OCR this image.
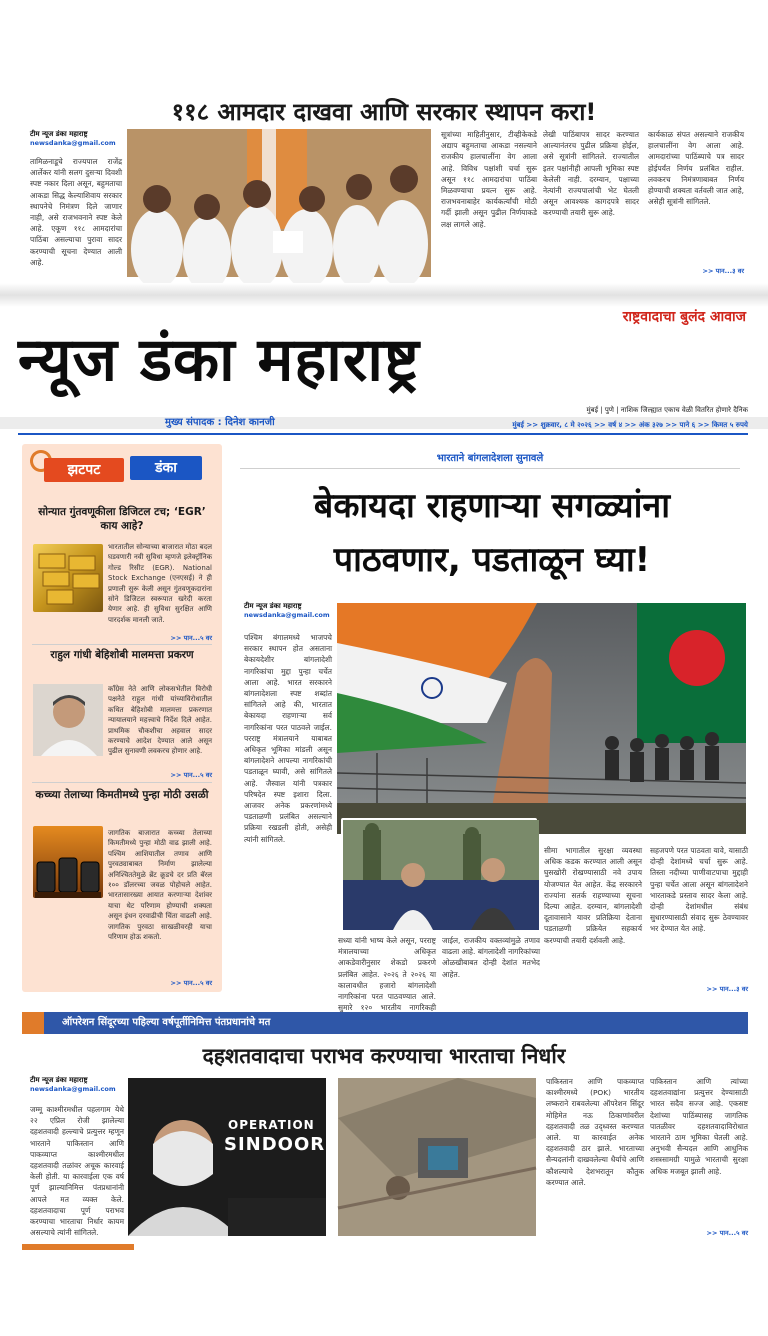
११८ आमदार दाखवा आणि सरकार स्थापन करा!
टीम न्यूज डंका महाराष्ट्र
newsdanka@gmail.com
तामिळनाडूचे राज्यपाल राजेंद्र आर्लेकर यांनी सलग दुसऱ्या दिवशी स्पष्ट नकार दिला असून, बहुमताचा आकडा सिद्ध केल्याशिवाय सरकार स्थापनेचे निमंत्रण दिले जाणार नाही, असे राजभवनाने स्पष्ट केले आहे. एकूण ११८ आमदारांचा पाठिंबा असल्याचा पुरावा सादर करण्याची सूचना देण्यात आली आहे.
सूत्रांच्या माहितीनुसार, टीव्हीकेकडे अद्याप बहुमताचा आकडा नसल्याने राजकीय हालचालींना वेग आला आहे. विविध पक्षांशी चर्चा सुरू असून ११८ आमदारांचा पाठिंबा मिळवण्याचा प्रयत्न सुरू आहे. राजभवनाबाहेर कार्यकर्त्यांची मोठी गर्दी झाली असून पुढील निर्णयाकडे लक्ष लागले आहे.
लेखी पाठिंबापत्र सादर करण्यात आल्यानंतरच पुढील प्रक्रिया होईल, असे सूत्रांनी सांगितले. राज्यातील इतर पक्षांनीही आपली भूमिका स्पष्ट केलेली नाही. दरम्यान, पक्षाच्या नेत्यांनी राज्यपालांची भेट घेतली असून आवश्यक कागदपत्रे सादर करण्याची तयारी सुरू आहे.
कार्यकाळ संपत असल्याने राजकीय हालचालींना वेग आला आहे. आमदारांच्या पाठिंब्याचे पत्र सादर होईपर्यंत निर्णय प्रलंबित राहील. लवकरच निमंत्रणाबाबत निर्णय होण्याची शक्यता वर्तवली जात आहे, असेही सूत्रांनी सांगितले.
>> पान...३ वर
राष्ट्रवादाचा बुलंद आवाज
न्यूज डंका महाराष्ट्र
मुख्य संपादक : दिनेश कानजी
मुंबई | पुणे | नाशिक जिल्ह्यात एकाच वेळी वितरित होणारे दैनिक
मुंबई >> शुक्रवार, ८ मे २०२६ >> वर्ष ४ >> अंक ३२७ >> पाने ६ >> किमत ५ रुपये
झटपट	डंका
सोन्यात गुंतवणूकीला डिजिटल टच; ‘EGR’ काय आहे?
भारतातील सोन्याच्या बाजारात मोठा बदल घडवणारी नवी सुविधा म्हणजे इलेक्ट्रॉनिक गोल्ड रिसीट (EGR). National Stock Exchange (एनएसई) ने ही प्रणाली सुरू केली असून गुंतवणूकदारांना सोने डिजिटल स्वरूपात खरेदी करता येणार आहे. ही सुविधा सुरक्षित आणि पारदर्शक मानली जाते.
>> पान...५ वर
राहुल गांधी बेहिशोबी मालमत्ता प्रकरण
काँग्रेस नेते आणि लोकसभेतील विरोधी पक्षनेते राहुल गांधी यांच्याविरोधातील कथित बेहिशोबी मालमत्ता प्रकरणात न्यायालयाने महत्त्वाचे निर्देश दिले आहेत. प्राथमिक चौकशीचा अहवाल सादर करण्याचे आदेश देण्यात आले असून पुढील सुनावणी लवकरच होणार आहे.
>> पान...५ वर
कच्च्या तेलाच्या किमतीमध्ये पुन्हा मोठी उसळी
जागतिक बाजारात कच्च्या तेलाच्या किमतीमध्ये पुन्हा मोठी वाढ झाली आहे. पश्चिम आशियातील तणाव आणि पुरवठ्याबाबत निर्माण झालेल्या अनिश्चिततेमुळे ब्रेंट क्रूडचे दर प्रति बॅरल १०० डॉलरच्या जवळ पोहोचले आहेत. भारतासारख्या आयात करणाऱ्या देशांवर याचा थेट परिणाम होण्याची शक्यता असून इंधन दरवाढीची चिंता वाढली आहे. जागतिक पुरवठा साखळीवरही याचा परिणाम होऊ शकतो.
>> पान...५ वर
भारताने बांगलादेशला सुनावले
बेकायदा राहणाऱ्या सगळ्यांना
पाठवणार, पडताळून घ्या!
टीम न्यूज डंका महाराष्ट्र
newsdanka@gmail.com
पश्चिम बंगालमध्ये भाजपचे सरकार स्थापन होत असताना बेकायदेशीर बांगलादेशी नागरिकांचा मुद्दा पुन्हा चर्चेत आला आहे. भारत सरकारने बांगलादेशला स्पष्ट शब्दांत सांगितले आहे की, भारतात बेकायदा राहणाऱ्या सर्व नागरिकांना परत पाठवले जाईल. परराष्ट्र मंत्रालयाने याबाबत अधिकृत भूमिका मांडली असून बांगलादेशने आपल्या नागरिकांची पडताळून घ्यावी, असे सांगितले आहे. जैस्वाल यांनी पत्रकार परिषदेत स्पष्ट इशारा दिला. आजवर अनेक प्रकरणांमध्ये पडताळणी प्रलंबित असल्याने प्रक्रिया रखडली होती, असेही त्यांनी सांगितले.
सीमा भागातील सुरक्षा व्यवस्था अधिक कडक करण्यात आली असून घुसखोरी रोखण्यासाठी नवे उपाय योजण्यात येत आहेत. केंद्र सरकारने राज्यांना सतर्क राहण्याच्या सूचना दिल्या आहेत. दरम्यान, बांगलादेशी दूतावासाने यावर प्रतिक्रिया देताना पडताळणी प्रक्रियेत सहकार्य करण्याची तयारी दर्शवली आहे.
सहजपणे परत पाठवता यावे, यासाठी दोन्ही देशांमध्ये चर्चा सुरू आहे. तिस्ता नदीच्या पाणीवाटपाचा मुद्दाही पुन्हा चर्चेत आला असून बांगलादेशने भारताकडे प्रस्ताव सादर केला आहे. दोन्ही देशांमधील संबंध सुधारण्यासाठी संवाद सुरू ठेवण्यावर भर देण्यात येत आहे.
>> पान...३ वर
सध्या यांनी भाष्य केले असून, परराष्ट्र मंत्रालयाच्या अधिकृत आकडेवारीनुसार शेकडो प्रकरणे प्रलंबित आहेत. २०२६ ते २०२६ या कालावधीत हजारो बांगलादेशी नागरिकांना परत पाठवण्यात आले. सुमारे १२० भारतीय नागरिकही
जाईल, राजकीय वक्तव्यांमुळे तणाव वाढला आहे. बांगलादेशी नागरिकांच्या ओळखीबाबत दोन्ही देशांत मतभेद आहेत.
ऑपरेशन सिंदूरच्या पहिल्या वर्षपूर्तीनिमित्त पंतप्रधानांचे मत
दहशतवादाचा पराभव करण्याचा भारताचा निर्धार
टीम न्यूज डंका महाराष्ट्र
newsdanka@gmail.com
जम्मू काश्मीरमधील पहलगाम येथे २२ एप्रिल रोजी झालेल्या दहशतवादी हल्ल्याचे प्रत्युत्तर म्हणून भारताने पाकिस्तान आणि पाकव्याप्त काश्मीरमधील दहशतवादी तळांवर अचूक कारवाई केली होती. या कारवाईला एक वर्ष पूर्ण झाल्यानिमित्त पंतप्रधानांनी आपले मत व्यक्त केले. दहशतवादाचा पूर्ण पराभव करण्याचा भारताचा निर्धार कायम असल्याचे त्यांनी सांगितले.
OPERATION
SINDOOR
पाकिस्तान आणि पाकव्याप्त काश्मीरमध्ये (POK) भारतीय लष्कराने राबवलेल्या ऑपरेशन सिंदूर मोहिमेत नऊ ठिकाणांवरील दहशतवादी तळ उद्ध्वस्त करण्यात आले. या कारवाईत अनेक दहशतवादी ठार झाले. भारताच्या सैन्यदलांनी दाखवलेल्या धैर्याचे आणि कौशल्याचे देशभरातून कौतुक करण्यात आले.
पाकिस्तान आणि त्यांच्या दहशतवाद्यांना प्रत्युत्तर देण्यासाठी भारत सदैव सज्ज आहे. एकसष्ट देशांच्या पाठिंब्यासह जागतिक पातळीवर दहशतवादाविरोधात भारताने ठाम भूमिका घेतली आहे. अनुभवी सैन्यदल आणि आधुनिक शस्त्रसामग्री यामुळे भारताची सुरक्षा अधिक मजबूत झाली आहे.
>> पान...५ वर
